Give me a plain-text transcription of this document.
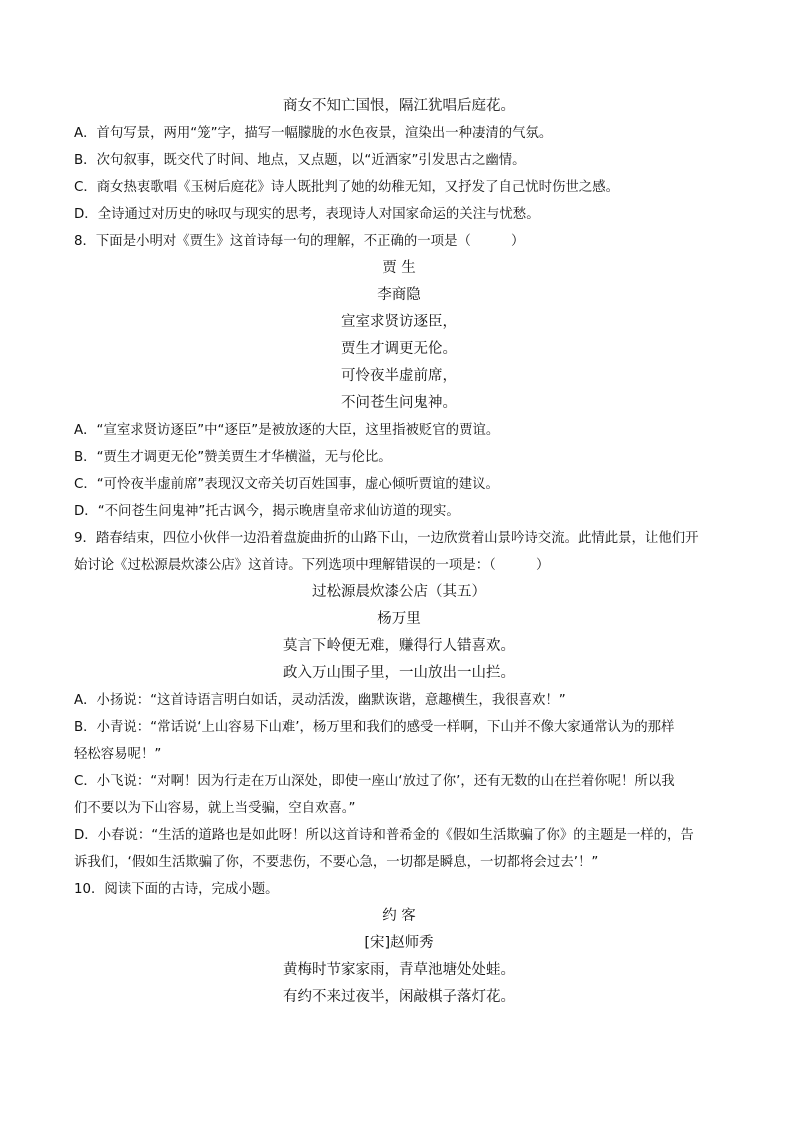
商女不知亡国恨，隔江犹唱后庭花。
A．首句写景，两用“笼”字，描写一幅朦胧的水色夜景，渲染出一种凄清的气氛。
B．次句叙事，既交代了时间、地点，又点题，以“近酒家”引发思古之幽情。
C．商女热衷歌唱《玉树后庭花》诗人既批判了她的幼稚无知，又抒发了自己忧时伤世之感。
D．全诗通过对历史的咏叹与现实的思考，表现诗人对国家命运的关注与忧愁。
8．下面是小明对《贾生》这首诗每一句的理解，不正确的一项是（　　　）
贾 生
李商隐
宣室求贤访逐臣，
贾生才调更无伦。
可怜夜半虚前席，
不问苍生问鬼神。
A．“宣室求贤访逐臣”中“逐臣”是被放逐的大臣，这里指被贬官的贾谊。
B．“贾生才调更无伦”赞美贾生才华横溢，无与伦比。
C．“可怜夜半虚前席”表现汉文帝关切百姓国事，虚心倾听贾谊的建议。
D．“不问苍生问鬼神”托古讽今，揭示晚唐皇帝求仙访道的现实。
9．踏春结束，四位小伙伴一边沿着盘旋曲折的山路下山，一边欣赏着山景吟诗交流。此情此景，让他们开
始讨论《过松源晨炊漆公店》这首诗。下列选项中理解错误的一项是：（　　　）
过松源晨炊漆公店（其五）
杨万里
莫言下岭便无难，赚得行人错喜欢。
政入万山围子里，一山放出一山拦。
A．小扬说：“这首诗语言明白如话，灵动活泼，幽默诙谐，意趣横生，我很喜欢！”
B．小青说：“常话说‘上山容易下山难’，杨万里和我们的感受一样啊，下山并不像大家通常认为的那样
轻松容易呢！”
C．小飞说：“对啊！因为行走在万山深处，即使一座山‘放过了你’，还有无数的山在拦着你呢！所以我
们不要以为下山容易，就上当受骗，空自欢喜。”
D．小春说：“生活的道路也是如此呀！所以这首诗和普希金的《假如生活欺骗了你》的主题是一样的，告
诉我们，‘假如生活欺骗了你，不要悲伤，不要心急，一切都是瞬息，一切都将会过去’！”
10．阅读下面的古诗，完成小题。
约 客
[宋]赵师秀
黄梅时节家家雨，青草池塘处处蛙。
有约不来过夜半，闲敲棋子落灯花。
